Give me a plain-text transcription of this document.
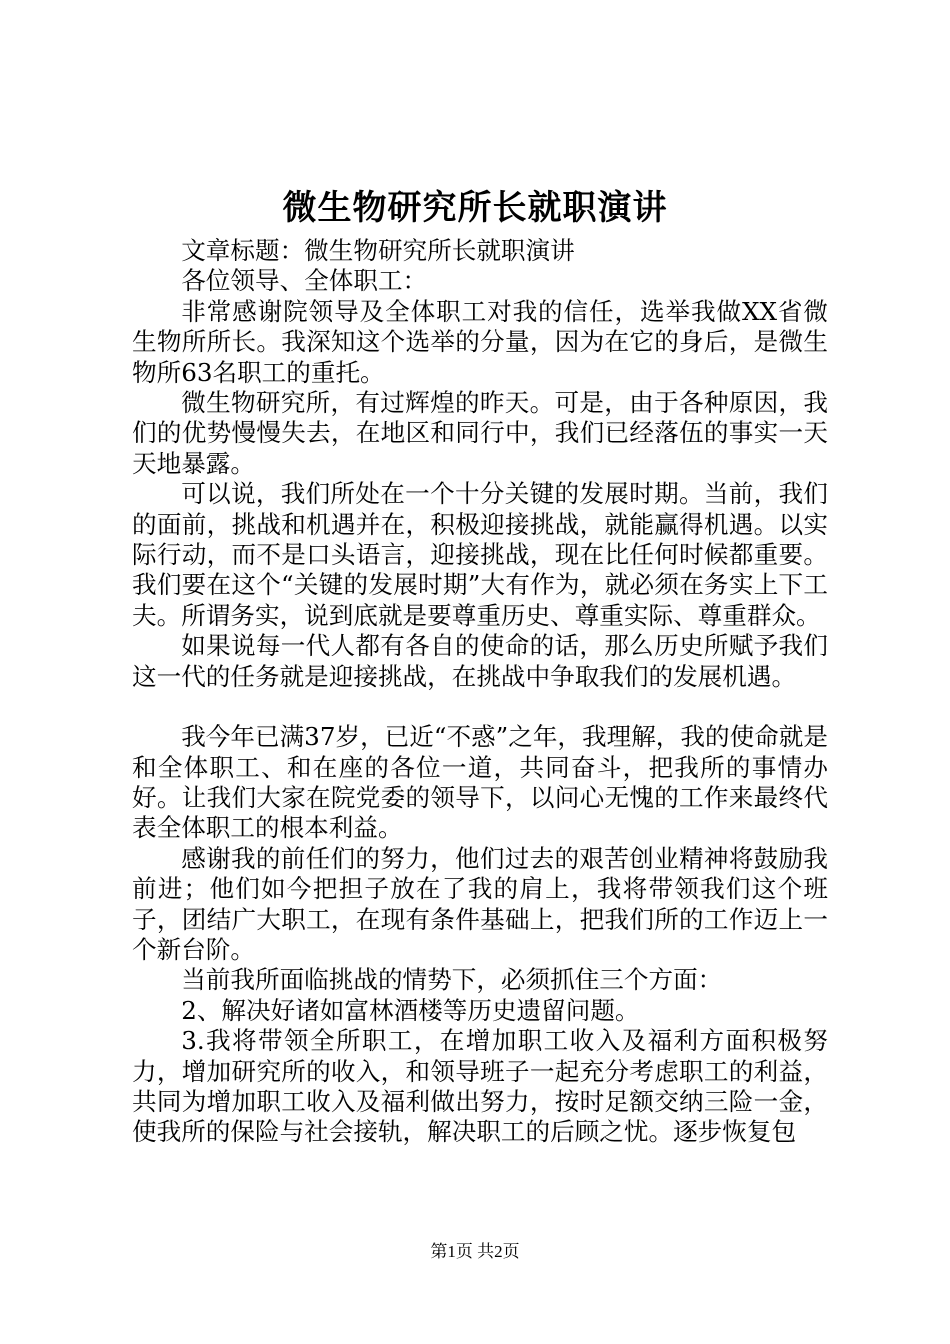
微生物研究所长就职演讲

文章标题：微生物研究所长就职演讲

各位领导、全体职工：

非常感谢院领导及全体职工对我的信任，选举我做XX省微生物所所长。我深知这个选举的分量，因为在它的身后，是微生物所63名职工的重托。

微生物研究所，有过辉煌的昨天。可是，由于各种原因，我们的优势慢慢失去，在地区和同行中，我们已经落伍的事实一天天地暴露。

可以说，我们所处在一个十分关键的发展时期。当前，我们的面前，挑战和机遇并在，积极迎接挑战，就能赢得机遇。以实际行动，而不是口头语言，迎接挑战，现在比任何时候都重要。我们要在这个“关键的发展时期”大有作为，就必须在务实上下工夫。所谓务实，说到底就是要尊重历史、尊重实际、尊重群众。

如果说每一代人都有各自的使命的话，那么历史所赋予我们这一代的任务就是迎接挑战，在挑战中争取我们的发展机遇。

我今年已满37岁，已近“不惑”之年，我理解，我的使命就是和全体职工、和在座的各位一道，共同奋斗，把我所的事情办好。让我们大家在院党委的领导下，以问心无愧的工作来最终代表全体职工的根本利益。

感谢我的前任们的努力，他们过去的艰苦创业精神将鼓励我前进；他们如今把担子放在了我的肩上，我将带领我们这个班子，团结广大职工，在现有条件基础上，把我们所的工作迈上一个新台阶。

当前我所面临挑战的情势下，必须抓住三个方面：

2、解决好诸如富林酒楼等历史遗留问题。

3.我将带领全所职工，在增加职工收入及福利方面积极努力，增加研究所的收入，和领导班子一起充分考虑职工的利益，共同为增加职工收入及福利做出努力，按时足额交纳三险一金，使我所的保险与社会接轨，解决职工的后顾之忧。逐步恢复包

第1页 共2页
